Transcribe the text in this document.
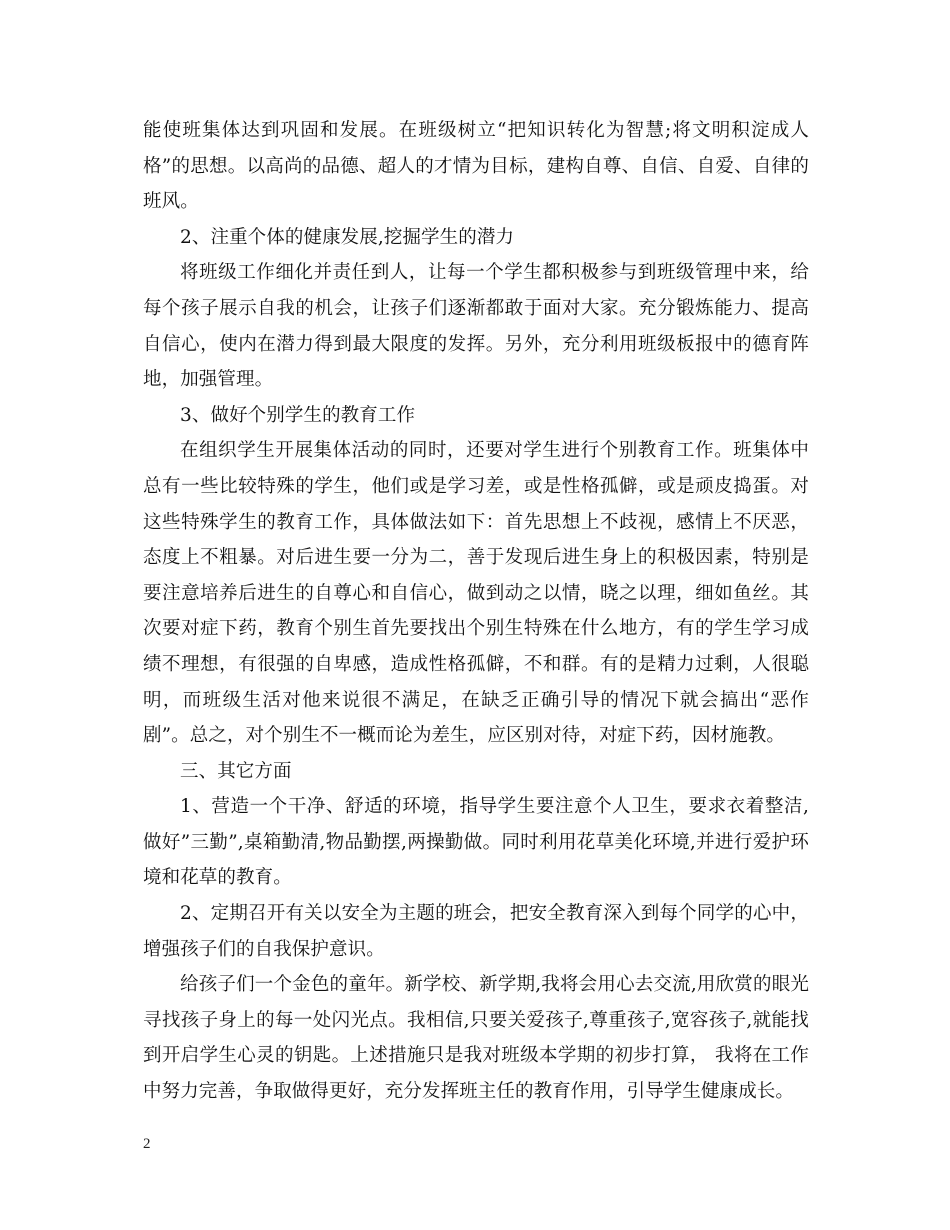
能使班集体达到巩固和发展。在班级树立“把知识转化为智慧;将文明积淀成人格”的思想。以高尚的品德、超人的才情为目标，建构自尊、自信、自爱、自律的班风。

2、注重个体的健康发展,挖掘学生的潜力

将班级工作细化并责任到人，让每一个学生都积极参与到班级管理中来，给每个孩子展示自我的机会，让孩子们逐渐都敢于面对大家。充分锻炼能力、提高自信心，使内在潜力得到最大限度的发挥。另外，充分利用班级板报中的德育阵地，加强管理。

3、做好个别学生的教育工作

在组织学生开展集体活动的同时，还要对学生进行个别教育工作。班集体中总有一些比较特殊的学生，他们或是学习差，或是性格孤僻，或是顽皮捣蛋。对这些特殊学生的教育工作，具体做法如下：首先思想上不歧视，感情上不厌恶，态度上不粗暴。对后进生要一分为二，善于发现后进生身上的积极因素，特别是要注意培养后进生的自尊心和自信心，做到动之以情，晓之以理，细如鱼丝。其次要对症下药，教育个别生首先要找出个别生特殊在什么地方，有的学生学习成绩不理想，有很强的自卑感，造成性格孤僻，不和群。有的是精力过剩，人很聪明，而班级生活对他来说很不满足，在缺乏正确引导的情况下就会搞出“恶作剧”。总之，对个别生不一概而论为差生，应区别对待，对症下药，因材施教。

三、其它方面

1、营造一个干净、舒适的环境，指导学生要注意个人卫生，要求衣着整洁,做好”三勤”,桌箱勤清,物品勤摆,两操勤做。同时利用花草美化环境,并进行爱护环境和花草的教育。

2、定期召开有关以安全为主题的班会，把安全教育深入到每个同学的心中，增强孩子们的自我保护意识。

给孩子们一个金色的童年。新学校、新学期,我将会用心去交流,用欣赏的眼光寻找孩子身上的每一处闪光点。我相信,只要关爱孩子,尊重孩子,宽容孩子,就能找到开启学生心灵的钥匙。上述措施只是我对班级本学期的初步打算， 我将在工作中努力完善，争取做得更好，充分发挥班主任的教育作用，引导学生健康成长。

2
